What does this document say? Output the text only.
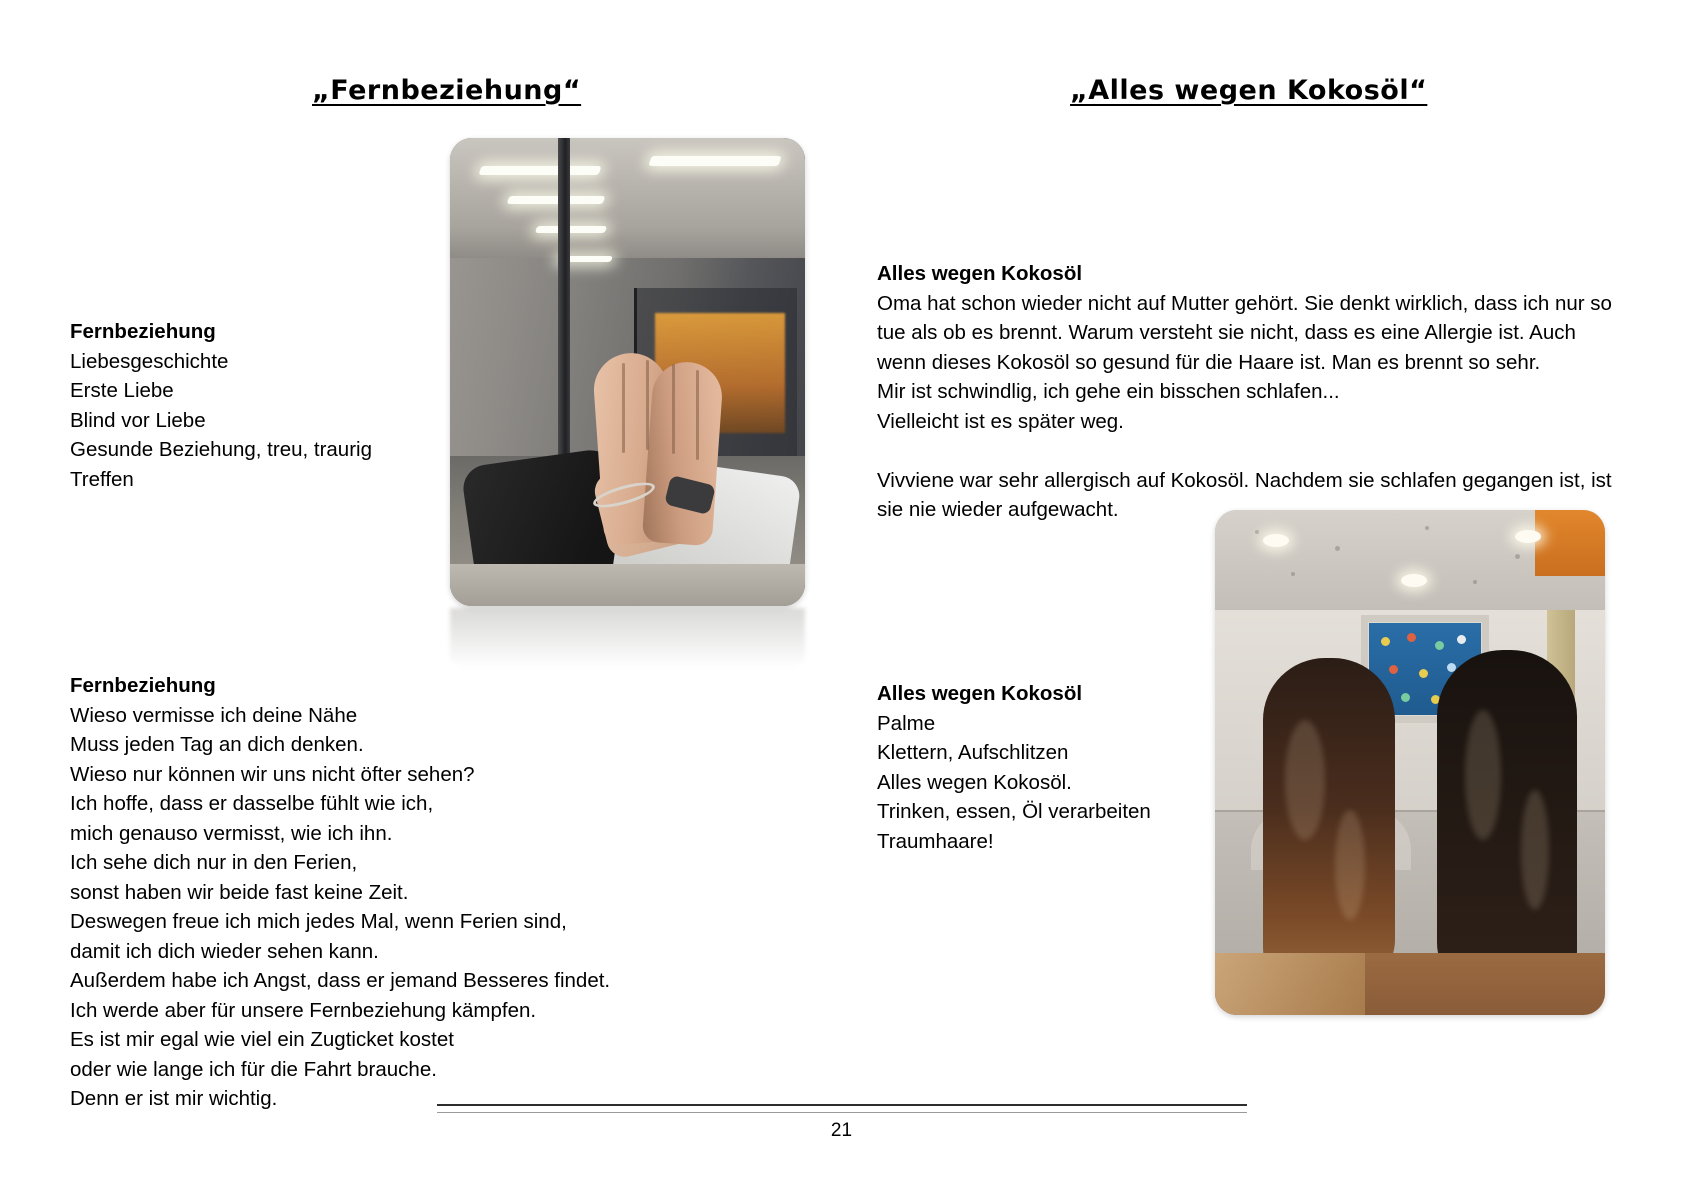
„Fernbeziehung“	„Alles wegen Kokosöl“

Fernbeziehung
Liebesgeschichte
Erste Liebe
Blind vor Liebe
Gesunde Beziehung, treu, traurig
Treffen

Fernbeziehung
Wieso vermisse ich deine Nähe
Muss jeden Tag an dich denken.
Wieso nur können wir uns nicht öfter sehen?
Ich hoffe, dass er dasselbe fühlt wie ich,
mich genauso vermisst, wie ich ihn.
Ich sehe dich nur in den Ferien,
sonst haben wir beide fast keine Zeit.
Deswegen freue ich mich jedes Mal, wenn Ferien sind,
damit ich dich wieder sehen kann.
Außerdem habe ich Angst, dass er jemand Besseres findet.
Ich werde aber für unsere Fernbeziehung kämpfen.
Es ist mir egal wie viel ein Zugticket kostet
oder wie lange ich für die Fahrt brauche.
Denn er ist mir wichtig.

Alles wegen Kokosöl
Oma hat schon wieder nicht auf Mutter gehört. Sie denkt wirklich, dass ich nur so tue als ob es brennt. Warum versteht sie nicht, dass es eine Allergie ist. Auch wenn dieses Kokosöl so gesund für die Haare ist. Man es brennt so sehr.
Mir ist schwindlig, ich gehe ein bisschen schlafen...
Vielleicht ist es später weg.

Vivviene war sehr allergisch auf Kokosöl. Nachdem sie schlafen gegangen ist, ist sie nie wieder aufgewacht.

Alles wegen Kokosöl
Palme
Klettern, Aufschlitzen
Alles wegen Kokosöl.
Trinken, essen, Öl verarbeiten
Traumhaare!

21
